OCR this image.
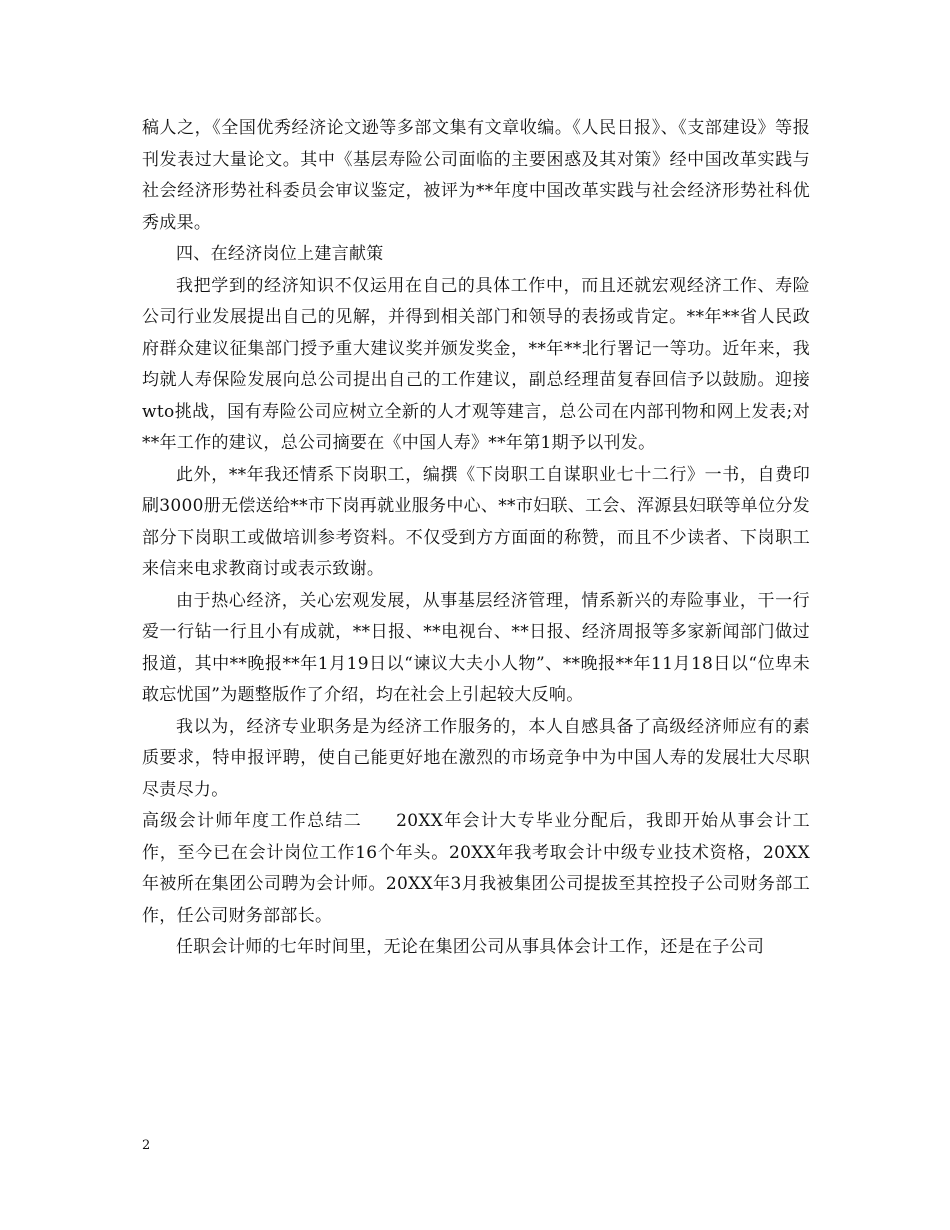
稿人之，《全国优秀经济论文逊等多部文集有文章收编。《人民日报》、《支部建设》等报刊发表过大量论文。其中《基层寿险公司面临的主要困惑及其对策》经中国改革实践与社会经济形势社科委员会审议鉴定，被评为**年度中国改革实践与社会经济形势社科优秀成果。

四、在经济岗位上建言献策

我把学到的经济知识不仅运用在自己的具体工作中，而且还就宏观经济工作、寿险公司行业发展提出自己的见解，并得到相关部门和领导的表扬或肯定。**年**省人民政府群众建议征集部门授予重大建议奖并颁发奖金，**年**北行署记一等功。近年来，我均就人寿保险发展向总公司提出自己的工作建议，副总经理苗复春回信予以鼓励。迎接wto挑战，国有寿险公司应树立全新的人才观等建言，总公司在内部刊物和网上发表;对**年工作的建议，总公司摘要在《中国人寿》**年第1期予以刊发。

此外，**年我还情系下岗职工，编撰《下岗职工自谋职业七十二行》一书，自费印刷3000册无偿送给**市下岗再就业服务中心、**市妇联、工会、浑源县妇联等单位分发部分下岗职工或做培训参考资料。不仅受到方方面面的称赞，而且不少读者、下岗职工来信来电求教商讨或表示致谢。

由于热心经济，关心宏观发展，从事基层经济管理，情系新兴的寿险事业，干一行爱一行钻一行且小有成就，**日报、**电视台、**日报、经济周报等多家新闻部门做过报道，其中**晚报**年1月19日以“谏议大夫小人物”、**晚报**年11月18日以“位卑未敢忘忧国”为题整版作了介绍，均在社会上引起较大反响。

我以为，经济专业职务是为经济工作服务的，本人自感具备了高级经济师应有的素质要求，特申报评聘，使自己能更好地在激烈的市场竞争中为中国人寿的发展壮大尽职尽责尽力。

高级会计师年度工作总结二 20XX年会计大专毕业分配后，我即开始从事会计工作，至今已在会计岗位工作16个年头。20XX年我考取会计中级专业技术资格，20XX年被所在集团公司聘为会计师。20XX年3月我被集团公司提拔至其控投子公司财务部工作，任公司财务部部长。

任职会计师的七年时间里，无论在集团公司从事具体会计工作，还是在子公司

2
